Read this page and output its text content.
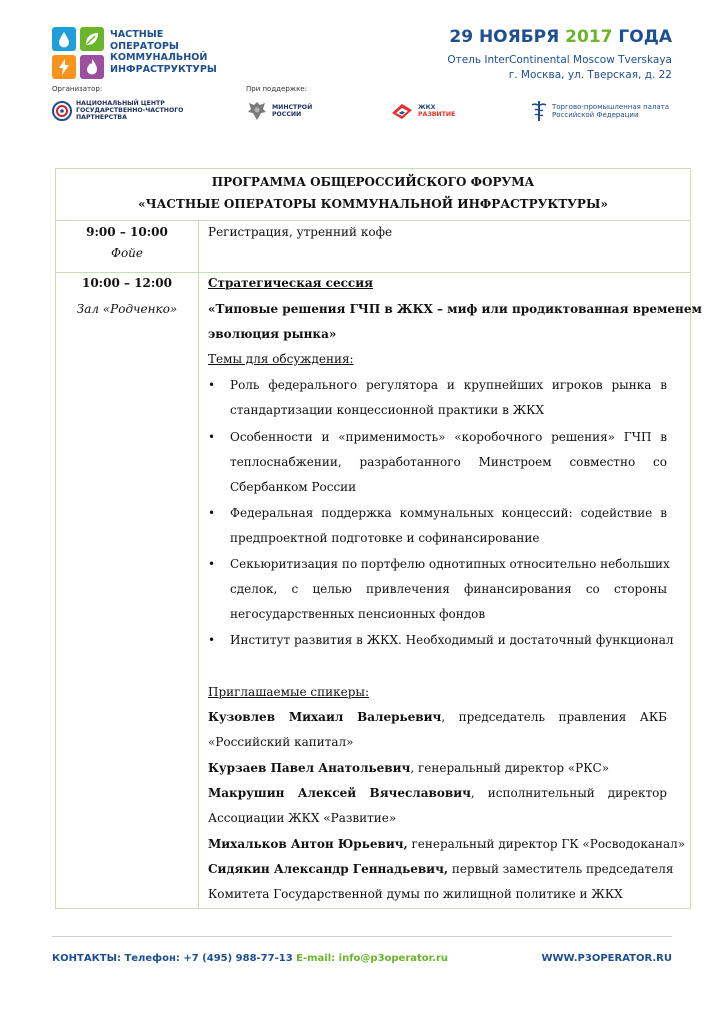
ЧАСТНЫЕ
ОПЕРАТОРЫ
КОММУНАЛЬНОЙ
ИНФРАСТРУКТУРЫ
29 НОЯБРЯ 2017 ГОДА
Отель InterContinental Moscow Tverskaya
г. Москва, ул. Тверская, д. 22
Организатор:	При поддержке:
НАЦИОНАЛЬНЫЙ ЦЕНТР
ГОСУДАРСТВЕННО-ЧАСТНОГО
ПАРТНЕРСТВА
МИНСТРОЙ
РОССИИ
ЖКХ
РАЗВИТИЕ
Торгово-промышленная палата
Российской Федерации
ПРОГРАММА ОБЩЕРОССИЙСКОГО ФОРУМА
«ЧАСТНЫЕ ОПЕРАТОРЫ КОММУНАЛЬНОЙ ИНФРАСТРУКТУРЫ»
9:00 – 10:00
Фойе
Регистрация, утренний кофе
10:00 – 12:00
Зал «Родченко»
Стратегическая сессия
«Типовые решения ГЧП в ЖКХ – миф или продиктованная временем
эволюция рынка»
Темы для обсуждения:
• Роль федерального регулятора и крупнейших игроков рынка в
стандартизации концессионной практики в ЖКХ
• Особенности и «применимость» «коробочного решения» ГЧП в
теплоснабжении, разработанного Минстроем совместно со
Сбербанком России
• Федеральная поддержка коммунальных концессий: содействие в
предпроектной подготовке и софинансирование
• Секьюритизация по портфелю однотипных относительно небольших
сделок, с целью привлечения финансирования со стороны
негосударственных пенсионных фондов
• Институт развития в ЖКХ. Необходимый и достаточный функционал
Приглашаемые спикеры:
Кузовлев Михаил Валерьевич, председатель правления АКБ
«Российский капитал»
Курзаев Павел Анатольевич, генеральный директор «РКС»
Макрушин Алексей Вячеславович, исполнительный директор
Ассоциации ЖКХ «Развитие»
Михальков Антон Юрьевич, генеральный директор ГК «Росводоканал»
Сидякин Александр Геннадьевич, первый заместитель председателя
Комитета Государственной думы по жилищной политике и ЖКХ
КОНТАКТЫ: Телефон: +7 (495) 988-77-13 E-mail: info@p3operator.ru	WWW.P3OPERATOR.RU
